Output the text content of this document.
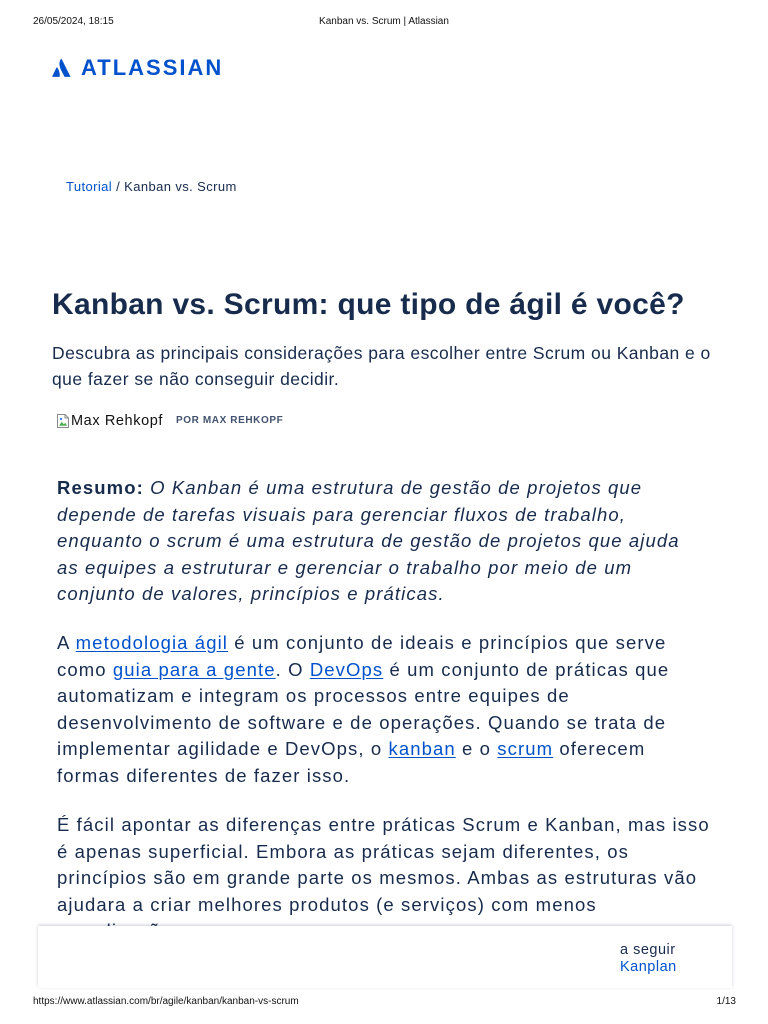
26/05/2024, 18:15	Kanban vs. Scrum | Atlassian
ATLASSIAN
Tutorial / Kanban vs. Scrum
Kanban vs. Scrum: que tipo de ágil é você?

Descubra as principais considerações para escolher entre Scrum ou Kanban e o
que fazer se não conseguir decidir.

Max Rehkopf POR MAX REHKOPF
Resumo: O Kanban é uma estrutura de gestão de projetos que
depende de tarefas visuais para gerenciar fluxos de trabalho,
enquanto o scrum é uma estrutura de gestão de projetos que ajuda
as equipes a estruturar e gerenciar o trabalho por meio de um
conjunto de valores, princípios e práticas.
A metodologia ágil é um conjunto de ideais e princípios que serve
como guia para a gente. O DevOps é um conjunto de práticas que
automatizam e integram os processos entre equipes de
desenvolvimento de software e de operações. Quando se trata de
implementar agilidade e DevOps, o kanban e o scrum oferecem
formas diferentes de fazer isso.
É fácil apontar as diferenças entre práticas Scrum e Kanban, mas isso
é apenas superficial. Embora as práticas sejam diferentes, os
princípios são em grande parte os mesmos. Ambas as estruturas vão
ajudara a criar melhores produtos (e serviços) com menos
a seguir
Kanplan
https://www.atlassian.com/br/agile/kanban/kanban-vs-scrum	1/13
